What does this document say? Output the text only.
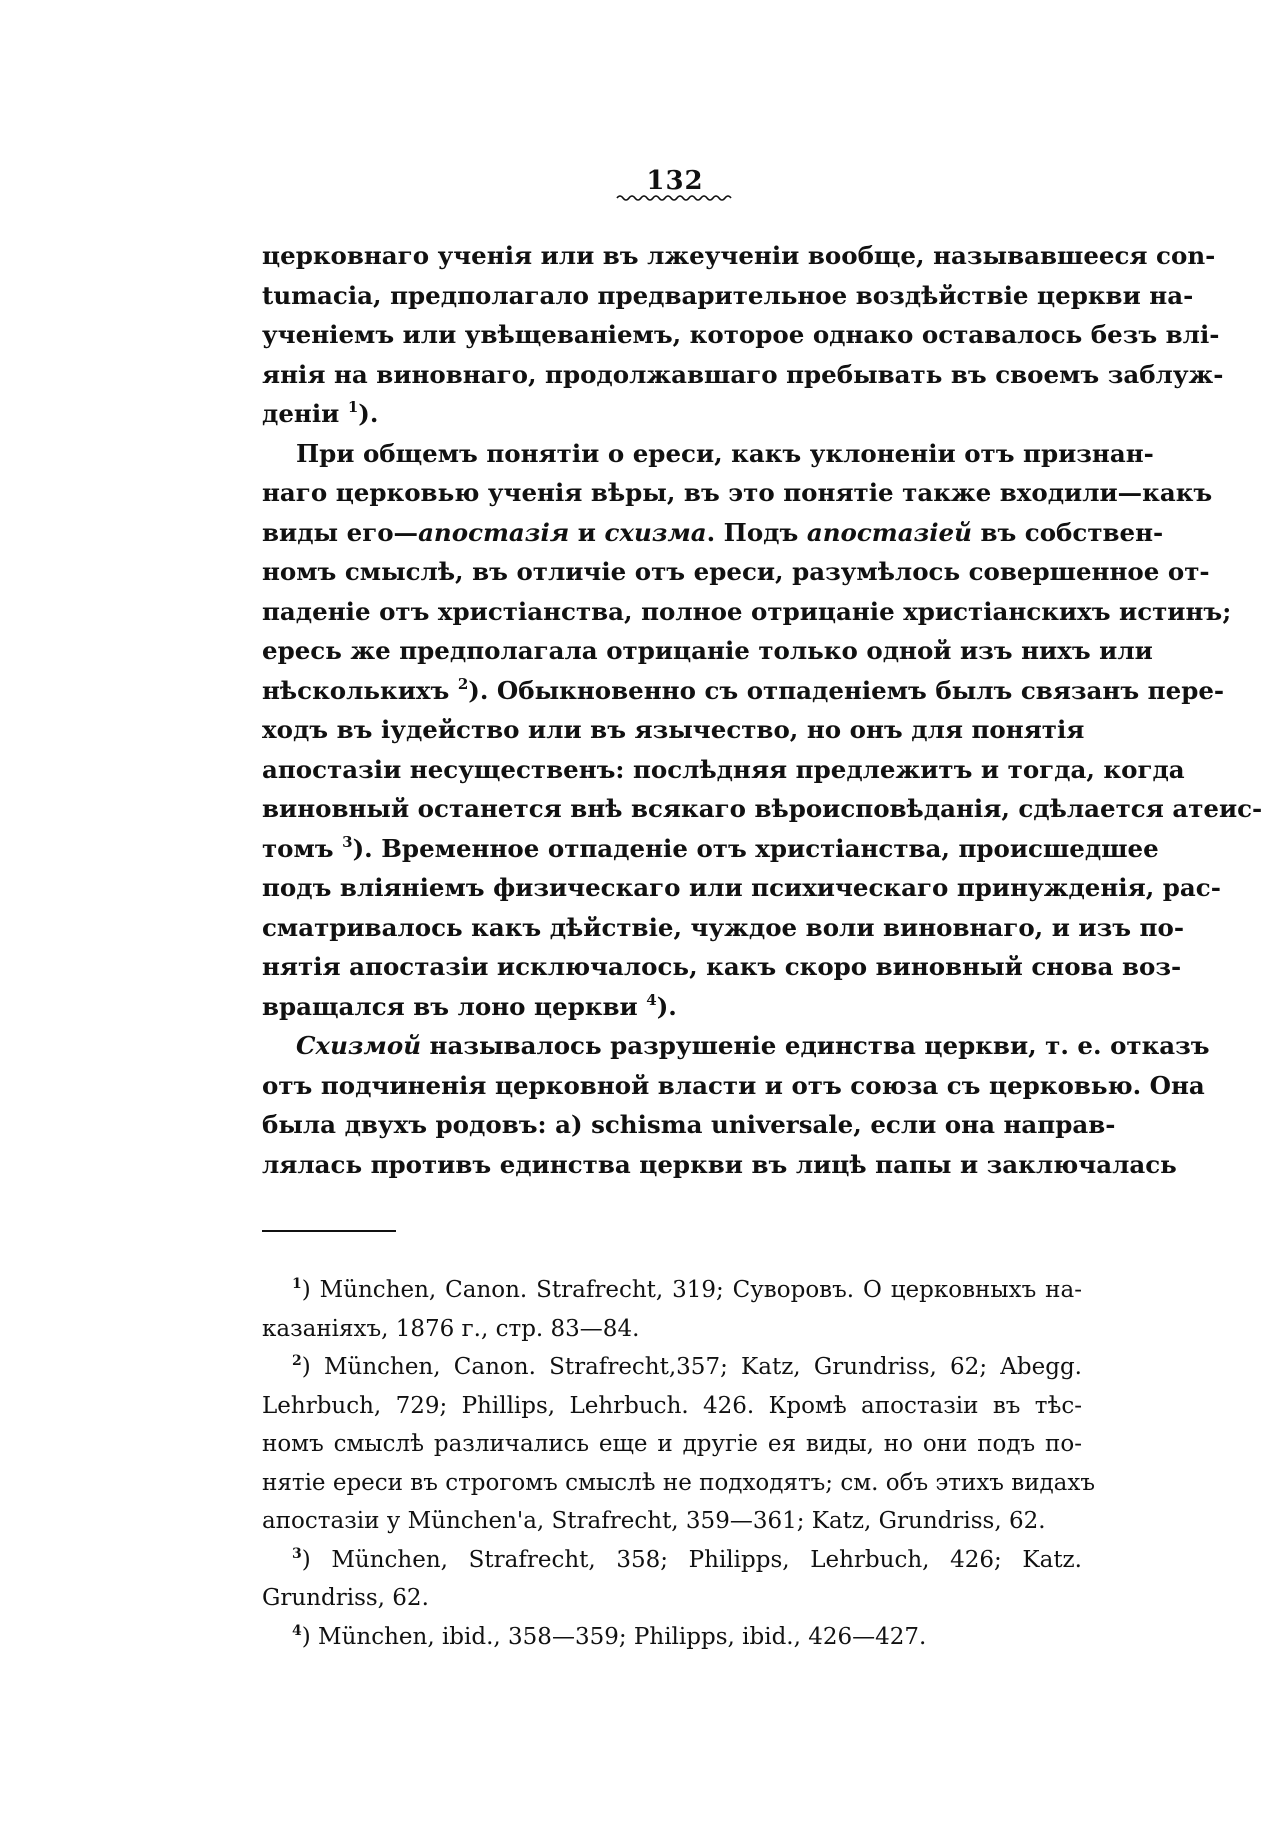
132
церковнаго ученія или въ лжеученіи вообще, называвшееся con-
tumacia, предполагало предварительное воздѣйствіе церкви на-
ученіемъ или увѣщеваніемъ, которое однако оставалось безъ влі-
янія на виновнаго, продолжавшаго пребывать въ своемъ заблуж-
деніи $^1$).
При общемъ понятіи о ереси, какъ уклоненіи отъ признан-
наго церковью ученія вѣры, въ это понятіе также входили—какъ
виды его—апостазія и схизма. Подъ апостазіей въ собствен-
номъ смыслѣ, въ отличіе отъ ереси, разумѣлось совершенное от-
паденіе отъ христіанства, полное отрицаніе христіанскихъ истинъ;
ересь же предполагала отрицаніе только одной изъ нихъ или
нѣсколькихъ $^2$). Обыкновенно съ отпаденіемъ былъ связанъ пере-
ходъ въ іудейство или въ язычество, но онъ для понятія
апостазіи несущественъ: послѣдняя предлежитъ и тогда, когда
виновный останется внѣ всякаго вѣроисповѣданія, сдѣлается атеис-
томъ $^3$). Временное отпаденіе отъ христіанства, происшедшее
подъ вліяніемъ физическаго или психическаго принужденія, рас-
сматривалось какъ дѣйствіе, чуждое воли виновнаго, и изъ по-
нятія апостазіи исключалось, какъ скоро виновный снова воз-
вращался въ лоно церкви $^4$).
Схизмой называлось разрушеніе единства церкви, т. е. отказъ
отъ подчиненія церковной власти и отъ союза съ церковью. Она
была двухъ родовъ: a) schisma universale, если она направ-
лялась противъ единства церкви въ лицѣ папы и заключалась
$^1$) München, Canon. Strafrecht, 319; Суворовъ. О церковныхъ на-
казаніяхъ, 1876 г., стр. 83—84.
$^2$) München, Canon. Strafrecht,357; Katz, Grundriss, 62; Abegg.
Lehrbuch, 729; Phillips, Lehrbuch. 426. Кромѣ апостазіи въ тѣс-
номъ смыслѣ различались еще и другіе ея виды, но они подъ по-
нятіе ереси въ строгомъ смыслѣ не подходятъ; см. объ этихъ видахъ
апостазіи у München'a, Strafrecht, 359—361; Katz, Grundriss, 62.
$^3$) München, Strafrecht, 358; Philipps, Lehrbuch, 426; Katz.
Grundriss, 62.
$^4$) München, ibid., 358—359; Philipps, ibid., 426—427.
